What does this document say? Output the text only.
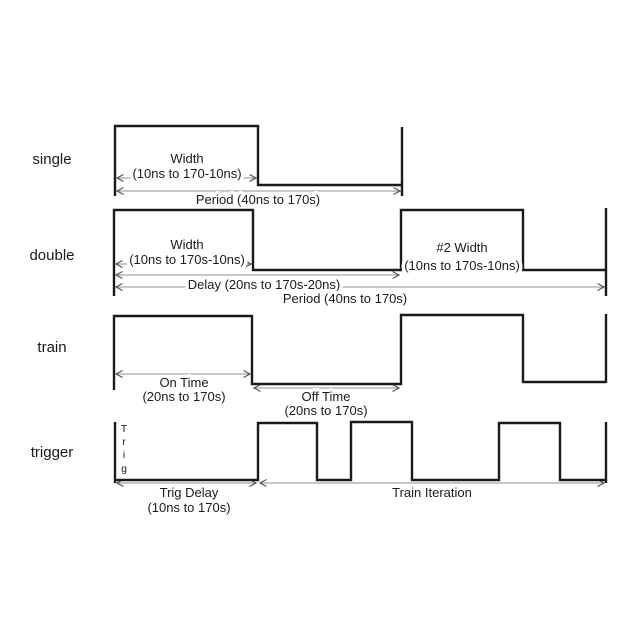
single	Width
(10ns to 170-10ns)
Period (40ns to 170s)
double
Width
(10ns to 170s-10ns)
#2 Width
(10ns to 170s-10ns)
Delay (20ns to 170s-20ns)
Period (40ns to 170s)
train
On Time
(20ns to 170s)	Off Time
(20ns to 170s)
trigger
T
r
i
g
Trig Delay
(10ns to 170s)
Train Iteration
